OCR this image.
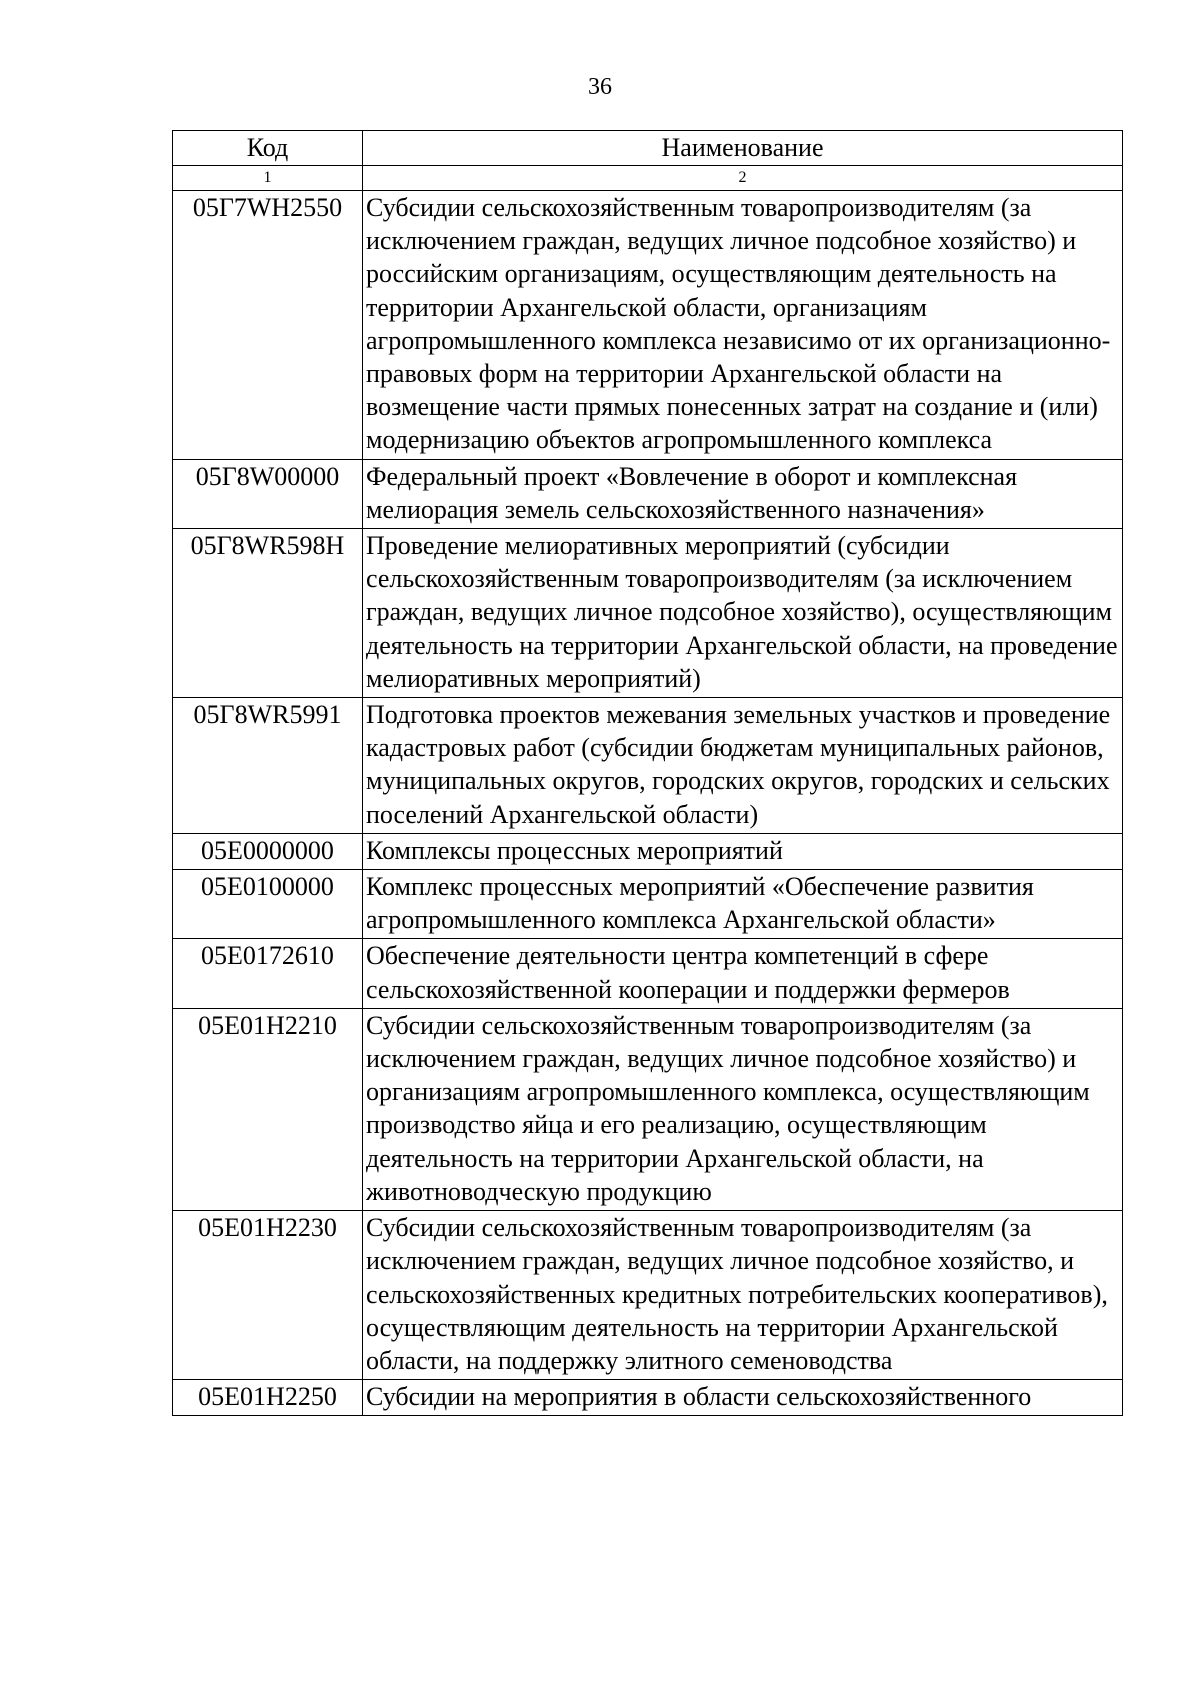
36
Код	Наименование
1	2
05Г7WH2550	Субсидии сельскохозяйственным товаропроизводителям (за исключением граждан, ведущих личное подсобное хозяйство) и российским организациям, осуществляющим деятельность на территории Архангельской области, организациям агропромышленного комплекса независимо от их организационно-правовых форм на территории Архангельской области на возмещение части прямых понесенных затрат на создание и (или) модернизацию объектов агропромышленного комплекса
05Г8W00000	Федеральный проект «Вовлечение в оборот и комплексная мелиорация земель сельскохозяйственного назначения»
05Г8WR598H	Проведение мелиоративных мероприятий (субсидии сельскохозяйственным товаропроизводителям (за исключением граждан, ведущих личное подсобное хозяйство), осуществляющим деятельность на территории Архангельской области, на проведение мелиоративных мероприятий)
05Г8WR5991	Подготовка проектов межевания земельных участков и проведение кадастровых работ (субсидии бюджетам муниципальных районов, муниципальных округов, городских округов, городских и сельских поселений Архангельской области)
05Е0000000	Комплексы процессных мероприятий
05Е0100000	Комплекс процессных мероприятий «Обеспечение развития агропромышленного комплекса Архангельской области»
05Е0172610	Обеспечение деятельности центра компетенций в сфере сельскохозяйственной кооперации и поддержки фермеров
05Е01Н2210	Субсидии сельскохозяйственным товаропроизводителям (за исключением граждан, ведущих личное подсобное хозяйство) и организациям агропромышленного комплекса, осуществляющим производство яйца и его реализацию, осуществляющим деятельность на территории Архангельской области, на животноводческую продукцию
05Е01Н2230	Субсидии сельскохозяйственным товаропроизводителям (за исключением граждан, ведущих личное подсобное хозяйство, и сельскохозяйственных кредитных потребительских кооперативов), осуществляющим деятельность на территории Архангельской области, на поддержку элитного семеноводства
05Е01Н2250	Субсидии на мероприятия в области сельскохозяйственного
